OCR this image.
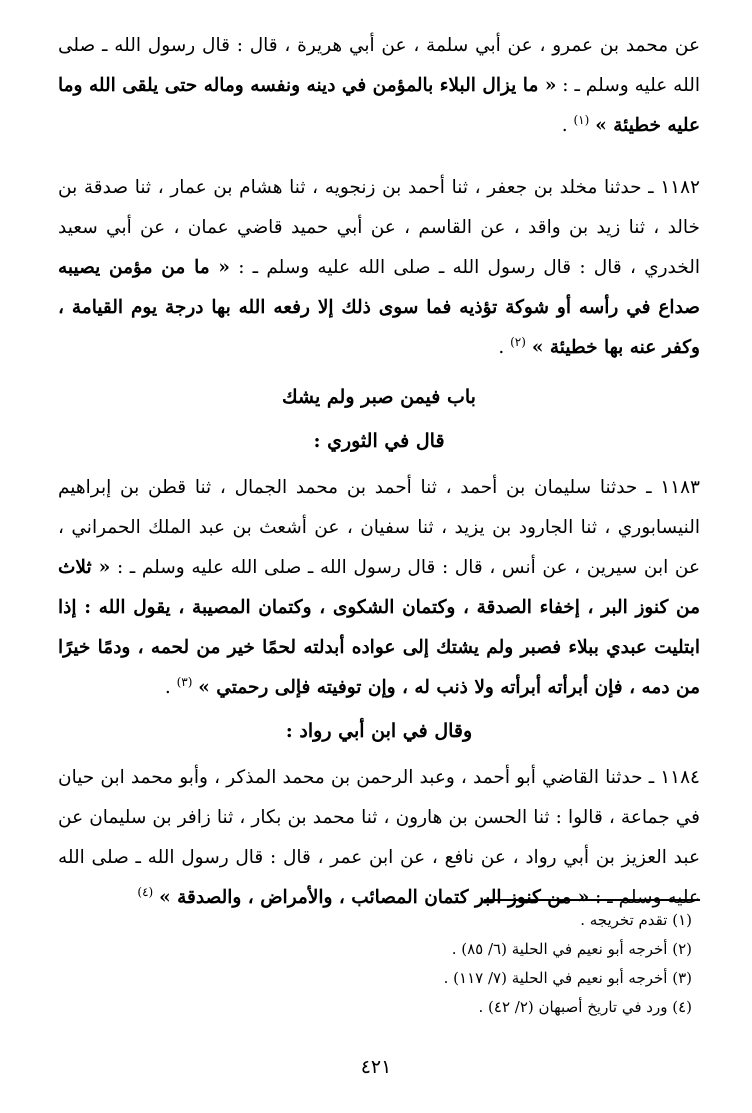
عن محمد بن عمرو ، عن أبي سلمة ، عن أبي هريرة ، قال : قال رسول الله ـ صلى الله عليه وسلم ـ : « ما يزال البلاء بالمؤمن في دينه ونفسه وماله حتى يلقى الله وما عليه خطيئة » $^{(١)}$ .

١١٨٢ ـ حدثنا مخلد بن جعفر ، ثنا أحمد بن زنجويه ، ثنا هشام بن عمار ، ثنا صدقة بن خالد ، ثنا زيد بن واقد ، عن القاسم ، عن أبي حميد قاضي عمان ، عن أبي سعيد الخدري ، قال : قال رسول الله ـ صلى الله عليه وسلم ـ : « ما من مؤمن يصيبه صداع في رأسه أو شوكة تؤذيه فما سوى ذلك إلا رفعه الله بها درجة يوم القيامة ، وكفر عنه بها خطيئة » $^{(٢)}$ .

باب فيمن صبر ولم يشك
قال في الثوري :

١١٨٣ ـ حدثنا سليمان بن أحمد ، ثنا أحمد بن محمد الجمال ، ثنا قطن بن إبراهيم النيسابوري ، ثنا الجارود بن يزيد ، ثنا سفيان ، عن أشعث بن عبد الملك الحمراني ، عن ابن سيرين ، عن أنس ، قال : قال رسول الله ـ صلى الله عليه وسلم ـ : « ثلاث من كنوز البر ، إخفاء الصدقة ، وكتمان الشكوى ، وكتمان المصيبة ، يقول الله : إذا ابتليت عبدي ببلاء فصبر ولم يشتك إلى عواده أبدلته لحمًا خير من لحمه ، ودمًا خيرًا من دمه ، فإن أبرأته أبرأته ولا ذنب له ، وإن توفيته فإلى رحمتي » $^{(٣)}$ .

وقال في ابن أبي رواد :

١١٨٤ ـ حدثنا القاضي أبو أحمد ، وعبد الرحمن بن محمد المذكر ، وأبو محمد ابن حيان في جماعة ، قالوا : ثنا الحسن بن هارون ، ثنا محمد بن بكار ، ثنا زافر بن سليمان عن عبد العزيز بن أبي رواد ، عن نافع ، عن ابن عمر ، قال : قال رسول الله ـ صلى الله عليه وسلم ـ : « من كنوز البر كتمان المصائب ، والأمراض ، والصدقة » $^{(٤)}$

(١) تقدم تخريجه .
(٢) أخرجه أبو نعيم في الحلية (٦/ ٨٥) .
(٣) أخرجه أبو نعيم في الحلية (٧/ ١١٧) .
(٤) ورد في تاريخ أصبهان (٢/ ٤٢) .
٤٢١
